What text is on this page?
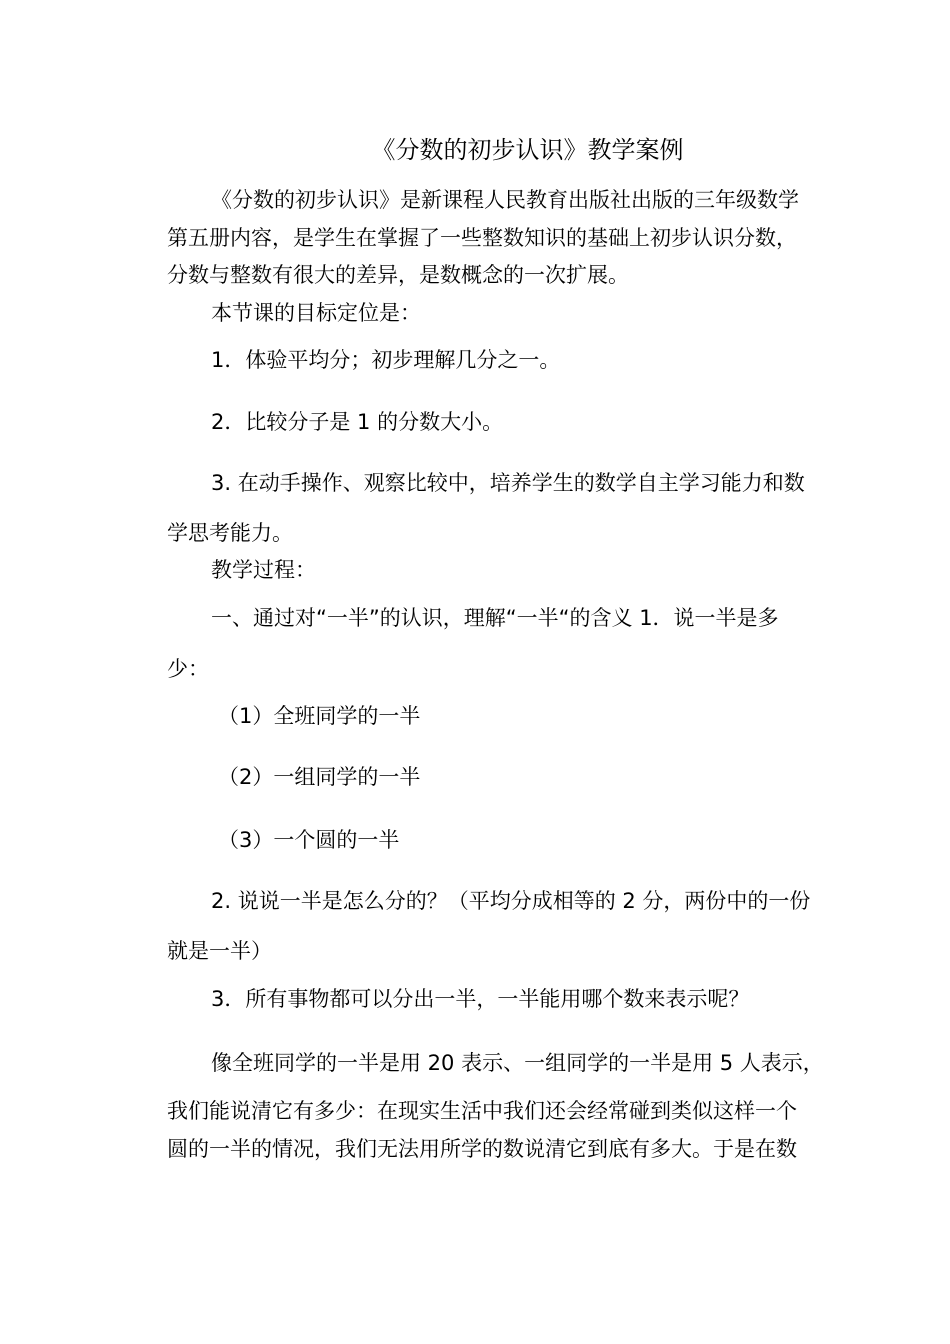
《分数的初步认识》教学案例
《分数的初步认识》是新课程人民教育出版社出版的三年级数学
第五册内容，是学生在掌握了一些整数知识的基础上初步认识分数，
分数与整数有很大的差异，是数概念的一次扩展。
本节课的目标定位是：
1．体验平均分；初步理解几分之一。
2．比较分子是 1 的分数大小。
3. 在动手操作、观察比较中，培养学生的数学自主学习能力和数
学思考能力。
教学过程：
一、通过对“一半”的认识，理解“一半“的含义 1．说一半是多
少：
（1）全班同学的一半
（2）一组同学的一半
（3）一个圆的一半
2. 说说一半是怎么分的？（平均分成相等的 2 分，两份中的一份
就是一半）
3．所有事物都可以分出一半，一半能用哪个数来表示呢？
像全班同学的一半是用 20 表示、一组同学的一半是用 5 人表示，
我们能说清它有多少：在现实生活中我们还会经常碰到类似这样一个
圆的一半的情况，我们无法用所学的数说清它到底有多大。于是在数
